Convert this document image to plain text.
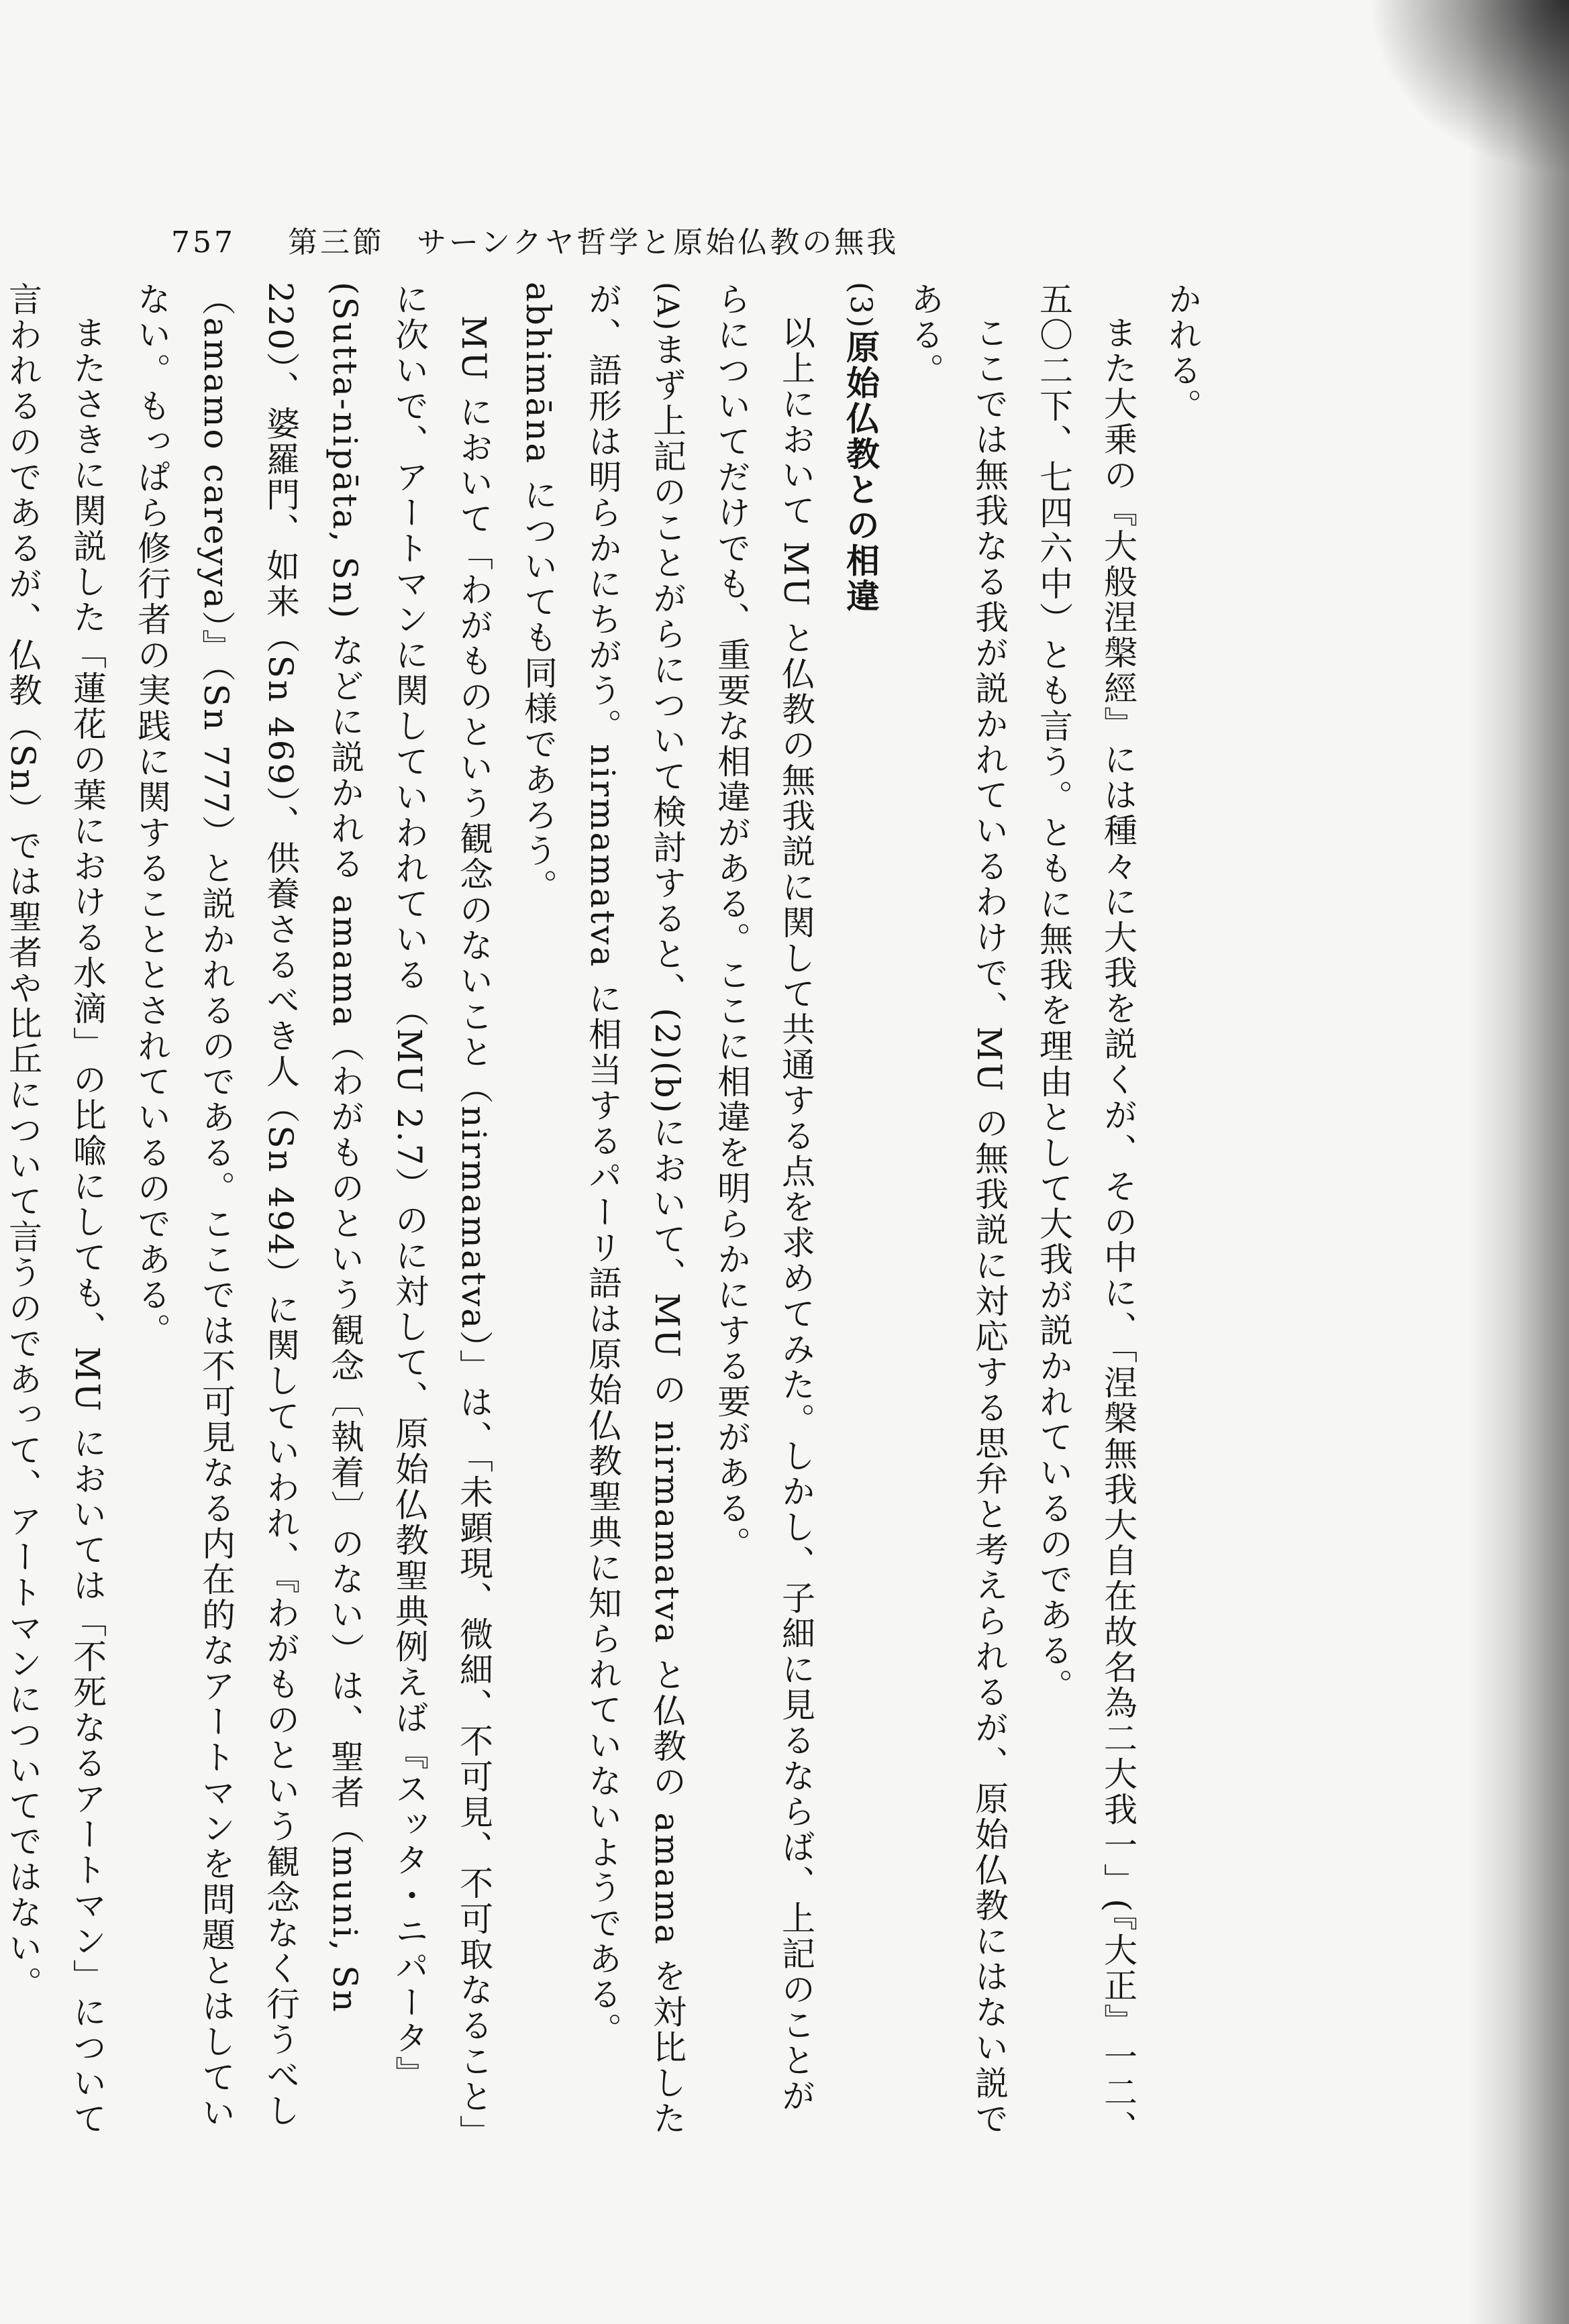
757 第三節　サーンクヤ哲学と原始仏教の無我

かれる。

また大乗の『大般涅槃經』には種々に大我を説くが、その中に、「涅槃無我大自在故名為二大我一」(『大正』一二、五〇二下、七四六中）とも言う。ともに無我を理由として大我が説かれているのである。

ここでは無我なる我が説かれているわけで、MU の無我説に対応する思弁と考えられるが、原始仏教にはない説である。

(3)原始仏教との相違

以上において MU と仏教の無我説に関して共通する点を求めてみた。しかし、子細に見るならば、上記のことがらについてだけでも、重要な相違がある。ここに相違を明らかにする要がある。

(A)まず上記のことがらについて検討すると、(2)(b)において、MU の nirmamatva と仏教の amama を対比したが、語形は明らかにちがう。nirmamatva に相当するパーリ語は原始仏教聖典に知られていないようである。abhimāna についても同様であろう。

MU において「わがものという観念のないこと（nirmamatva）」は、「未顕現、微細、不可見、不可取なること」に次いで、アートマンに関していわれている（MU 2.7）のに対して、原始仏教聖典例えば『スッタ・ニパータ』(Sutta-nipāta, Sn) などに説かれる amama（わがものという観念〔執着〕のない）は、聖者（muni, Sn 220）、婆羅門、如来（Sn 469）、供養さるべき人（Sn 494）に関していわれ、『わがものという観念なく行うべし（amamo careyya）』（Sn 777）と説かれるのである。ここでは不可見なる内在的なアートマンを問題とはしていない。もっぱら修行者の実践に関することとされているのである。

またさきに関説した「蓮花の葉における水滴」の比喩にしても、MU においては「不死なるアートマン」について言われるのであるが、仏教（Sn）では聖者や比丘について言うのであって、アートマンについてではない。
